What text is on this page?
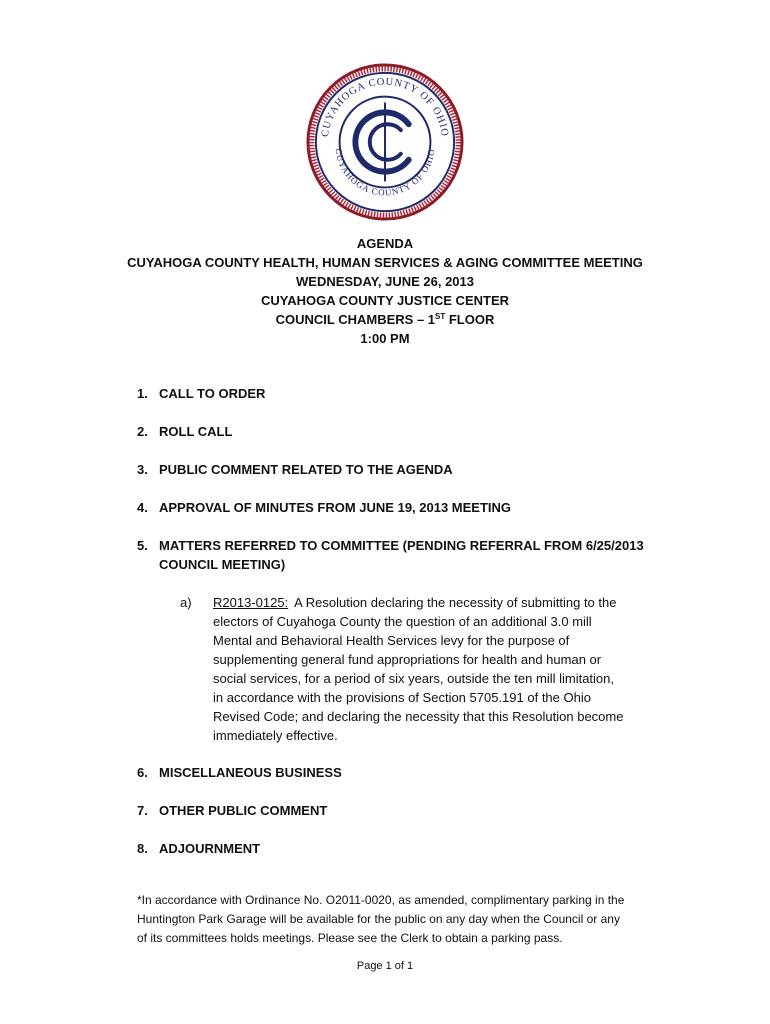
CUYAHOGA COUNTY OF OHIO
CUYAHOGA COUNTY OF OHIO
AGENDA
CUYAHOGA COUNTY HEALTH, HUMAN SERVICES & AGING COMMITTEE MEETING
WEDNESDAY, JUNE 26, 2013
CUYAHOGA COUNTY JUSTICE CENTER
COUNCIL CHAMBERS – 1ST FLOOR
1:00 PM
1. CALL TO ORDER
2. ROLL CALL
3. PUBLIC COMMENT RELATED TO THE AGENDA
4. APPROVAL OF MINUTES FROM JUNE 19, 2013 MEETING
5. MATTERS REFERRED TO COMMITTEE (PENDING REFERRAL FROM 6/25/2013
COUNCIL MEETING)
a) R2013-0125: A Resolution declaring the necessity of submitting to the
electors of Cuyahoga County the question of an additional 3.0 mill
Mental and Behavioral Health Services levy for the purpose of
supplementing general fund appropriations for health and human or
social services, for a period of six years, outside the ten mill limitation,
in accordance with the provisions of Section 5705.191 of the Ohio
Revised Code; and declaring the necessity that this Resolution become
immediately effective.
6. MISCELLANEOUS BUSINESS
7. OTHER PUBLIC COMMENT
8. ADJOURNMENT
*In accordance with Ordinance No. O2011-0020, as amended, complimentary parking in the
Huntington Park Garage will be available for the public on any day when the Council or any
of its committees holds meetings. Please see the Clerk to obtain a parking pass.
Page 1 of 1
